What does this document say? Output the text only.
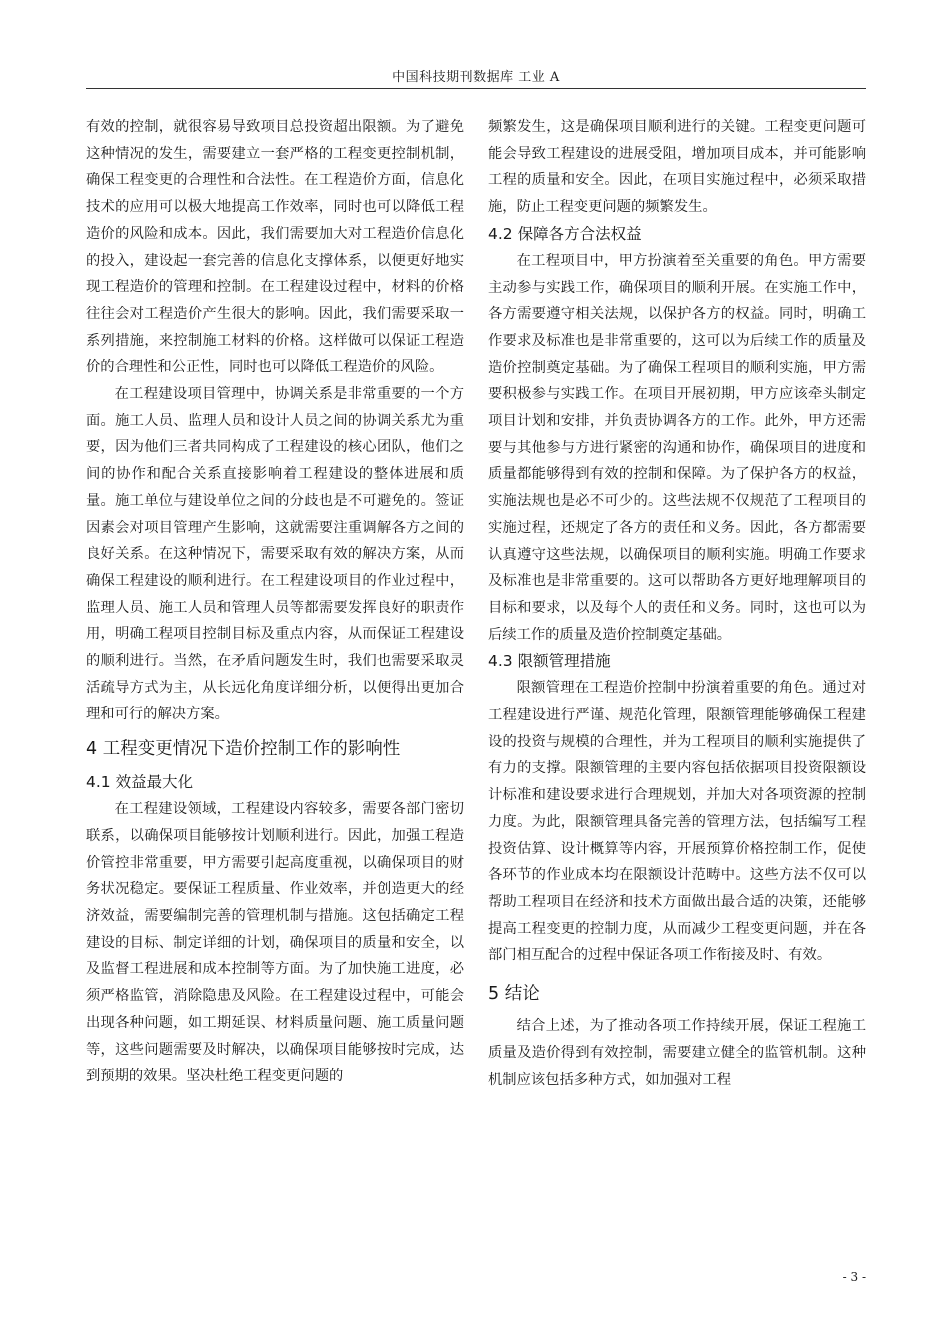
中国科技期刊数据库 工业 A

有效的控制，就很容易导致项目总投资超出限额。为了避免这种情况的发生，需要建立一套严格的工程变更控制机制，确保工程变更的合理性和合法性。在工程造价方面，信息化技术的应用可以极大地提高工作效率，同时也可以降低工程造价的风险和成本。因此，我们需要加大对工程造价信息化的投入，建设起一套完善的信息化支撑体系，以便更好地实现工程造价的管理和控制。在工程建设过程中，材料的价格往往会对工程造价产生很大的影响。因此，我们需要采取一系列措施，来控制施工材料的价格。这样做可以保证工程造价的合理性和公正性，同时也可以降低工程造价的风险。

在工程建设项目管理中，协调关系是非常重要的一个方面。施工人员、监理人员和设计人员之间的协调关系尤为重要，因为他们三者共同构成了工程建设的核心团队，他们之间的协作和配合关系直接影响着工程建设的整体进展和质量。施工单位与建设单位之间的分歧也是不可避免的。签证因素会对项目管理产生影响，这就需要注重调解各方之间的良好关系。在这种情况下，需要采取有效的解决方案，从而确保工程建设的顺利进行。在工程建设项目的作业过程中，监理人员、施工人员和管理人员等都需要发挥良好的职责作用，明确工程项目控制目标及重点内容，从而保证工程建设的顺利进行。当然，在矛盾问题发生时，我们也需要采取灵活疏导方式为主，从长远化角度详细分析，以便得出更加合理和可行的解决方案。

4 工程变更情况下造价控制工作的影响性
4.1 效益最大化

在工程建设领域，工程建设内容较多，需要各部门密切联系，以确保项目能够按计划顺利进行。因此，加强工程造价管控非常重要，甲方需要引起高度重视，以确保项目的财务状况稳定。要保证工程质量、作业效率，并创造更大的经济效益，需要编制完善的管理机制与措施。这包括确定工程建设的目标、制定详细的计划，确保项目的质量和安全，以及监督工程进展和成本控制等方面。为了加快施工进度，必须严格监管，消除隐患及风险。在工程建设过程中，可能会出现各种问题，如工期延误、材料质量问题、施工质量问题等，这些问题需要及时解决，以确保项目能够按时完成，达到预期的效果。坚决杜绝工程变更问题的

频繁发生，这是确保项目顺利进行的关键。工程变更问题可能会导致工程建设的进展受阻，增加项目成本，并可能影响工程的质量和安全。因此，在项目实施过程中，必须采取措施，防止工程变更问题的频繁发生。

4.2 保障各方合法权益

在工程项目中，甲方扮演着至关重要的角色。甲方需要主动参与实践工作，确保项目的顺利开展。在实施工作中，各方需要遵守相关法规，以保护各方的权益。同时，明确工作要求及标准也是非常重要的，这可以为后续工作的质量及造价控制奠定基础。为了确保工程项目的顺利实施，甲方需要积极参与实践工作。在项目开展初期，甲方应该牵头制定项目计划和安排，并负责协调各方的工作。此外，甲方还需要与其他参与方进行紧密的沟通和协作，确保项目的进度和质量都能够得到有效的控制和保障。为了保护各方的权益，实施法规也是必不可少的。这些法规不仅规范了工程项目的实施过程，还规定了各方的责任和义务。因此，各方都需要认真遵守这些法规，以确保项目的顺利实施。明确工作要求及标准也是非常重要的。这可以帮助各方更好地理解项目的目标和要求，以及每个人的责任和义务。同时，这也可以为后续工作的质量及造价控制奠定基础。

4.3 限额管理措施

限额管理在工程造价控制中扮演着重要的角色。通过对工程建设进行严谨、规范化管理，限额管理能够确保工程建设的投资与规模的合理性，并为工程项目的顺利实施提供了有力的支撑。限额管理的主要内容包括依据项目投资限额设计标准和建设要求进行合理规划，并加大对各项资源的控制力度。为此，限额管理具备完善的管理方法，包括编写工程投资估算、设计概算等内容，开展预算价格控制工作，促使各环节的作业成本均在限额设计范畴中。这些方法不仅可以帮助工程项目在经济和技术方面做出最合适的决策，还能够提高工程变更的控制力度，从而减少工程变更问题，并在各部门相互配合的过程中保证各项工作衔接及时、有效。

5 结论

结合上述，为了推动各项工作持续开展，保证工程施工质量及造价得到有效控制，需要建立健全的监管机制。这种机制应该包括多种方式，如加强对工程

- 3 -
